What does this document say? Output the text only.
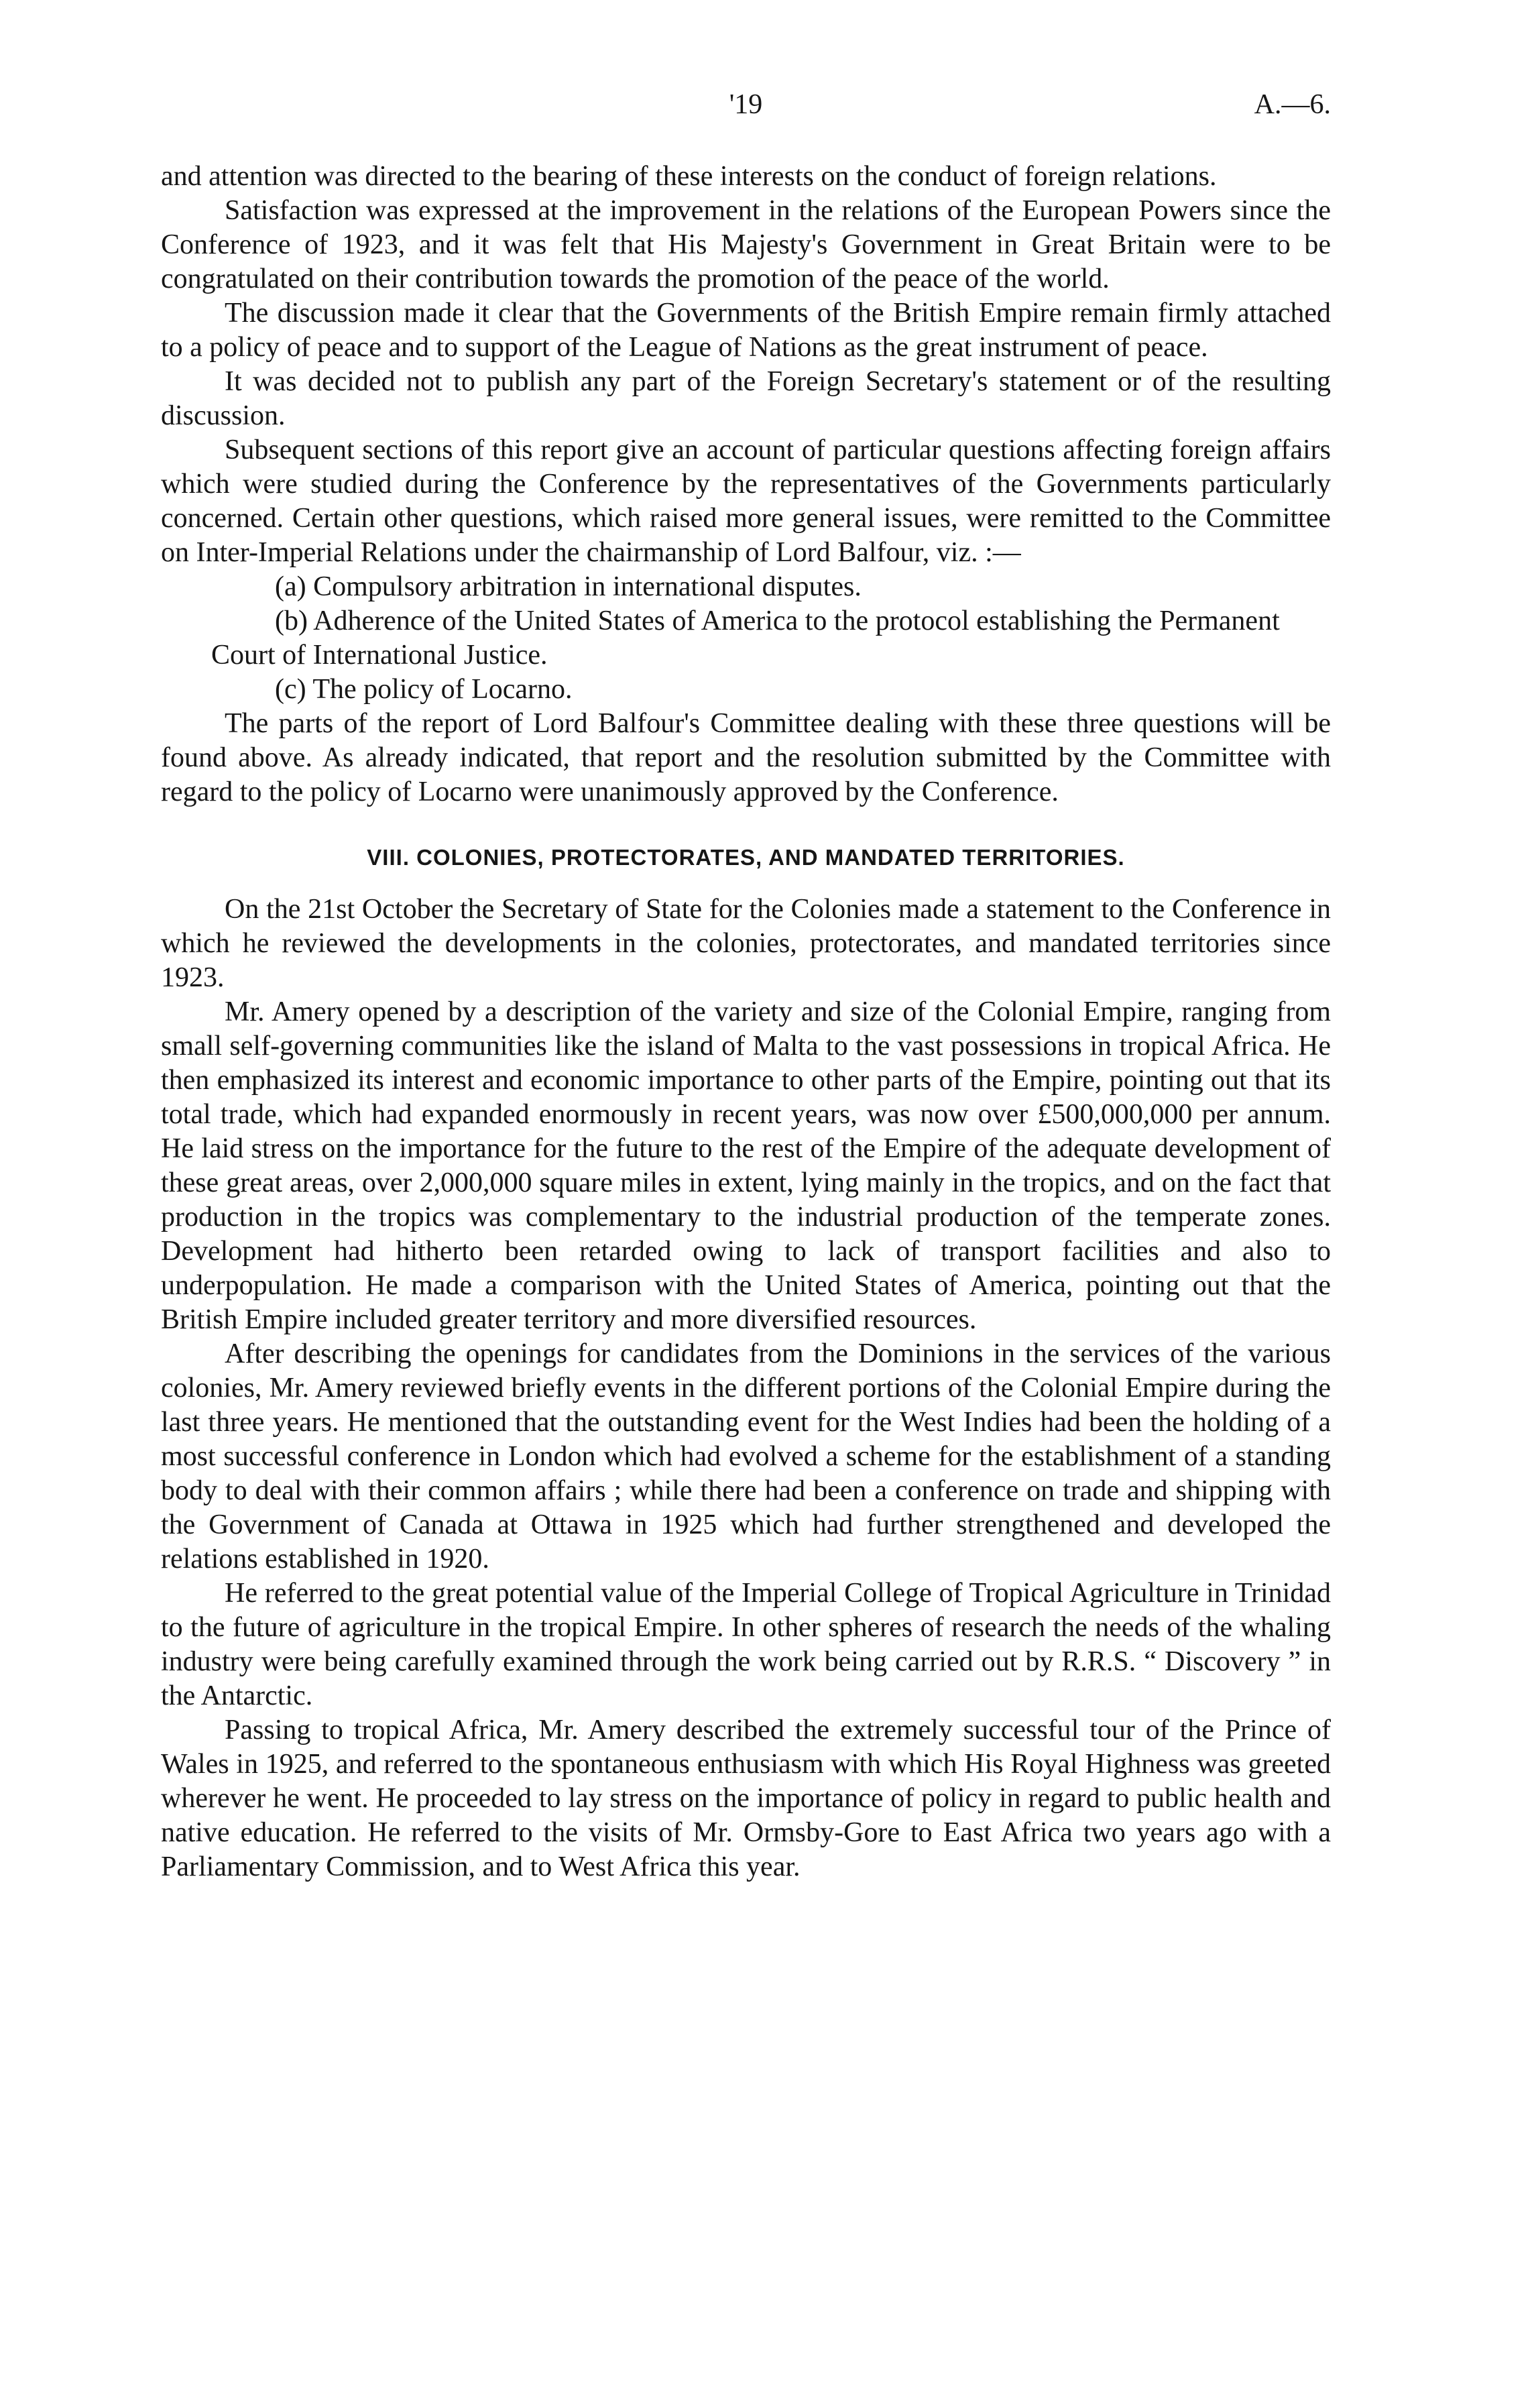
'19	A.—6.

and attention was directed to the bearing of these interests on the conduct of foreign relations.

Satisfaction was expressed at the improvement in the relations of the European Powers since the Conference of 1923, and it was felt that His Majesty's Government in Great Britain were to be congratulated on their contribution towards the promotion of the peace of the world.

The discussion made it clear that the Governments of the British Empire remain firmly attached to a policy of peace and to support of the League of Nations as the great instrument of peace.

It was decided not to publish any part of the Foreign Secretary's statement or of the resulting discussion.

Subsequent sections of this report give an account of particular questions affecting foreign affairs which were studied during the Conference by the representatives of the Governments particularly concerned. Certain other questions, which raised more general issues, were remitted to the Committee on Inter-Imperial Relations under the chairmanship of Lord Balfour, viz. :—

(a) Compulsory arbitration in international disputes.

(b) Adherence of the United States of America to the protocol establishing the Permanent Court of International Justice.

(c) The policy of Locarno.

The parts of the report of Lord Balfour's Committee dealing with these three questions will be found above. As already indicated, that report and the resolution submitted by the Committee with regard to the policy of Locarno were unanimously approved by the Conference.

VIII. COLONIES, PROTECTORATES, AND MANDATED TERRITORIES.

On the 21st October the Secretary of State for the Colonies made a statement to the Conference in which he reviewed the developments in the colonies, protectorates, and mandated territories since 1923.

Mr. Amery opened by a description of the variety and size of the Colonial Empire, ranging from small self-governing communities like the island of Malta to the vast possessions in tropical Africa. He then emphasized its interest and economic importance to other parts of the Empire, pointing out that its total trade, which had expanded enormously in recent years, was now over £500,000,000 per annum. He laid stress on the importance for the future to the rest of the Empire of the adequate development of these great areas, over 2,000,000 square miles in extent, lying mainly in the tropics, and on the fact that production in the tropics was complementary to the industrial production of the temperate zones. Development had hitherto been retarded owing to lack of transport facilities and also to underpopulation. He made a comparison with the United States of America, pointing out that the British Empire included greater territory and more diversified resources.

After describing the openings for candidates from the Dominions in the services of the various colonies, Mr. Amery reviewed briefly events in the different portions of the Colonial Empire during the last three years. He mentioned that the outstanding event for the West Indies had been the holding of a most successful conference in London which had evolved a scheme for the establishment of a standing body to deal with their common affairs ; while there had been a conference on trade and shipping with the Government of Canada at Ottawa in 1925 which had further strengthened and developed the relations established in 1920.

He referred to the great potential value of the Imperial College of Tropical Agriculture in Trinidad to the future of agriculture in the tropical Empire. In other spheres of research the needs of the whaling industry were being carefully examined through the work being carried out by R.R.S. “ Discovery ” in the Antarctic.

Passing to tropical Africa, Mr. Amery described the extremely successful tour of the Prince of Wales in 1925, and referred to the spontaneous enthusiasm with which His Royal Highness was greeted wherever he went. He proceeded to lay stress on the importance of policy in regard to public health and native education. He referred to the visits of Mr. Ormsby-Gore to East Africa two years ago with a Parliamentary Commission, and to West Africa this year.
